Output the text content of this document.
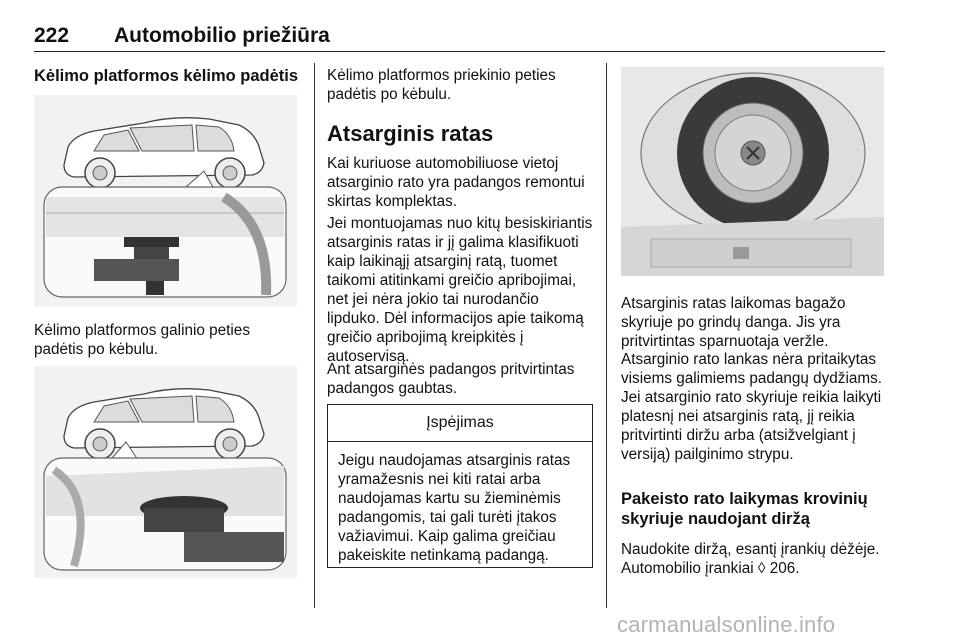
222 Automobilio priežiūra
Kėlimo platformos kėlimo padėtis
Kėlimo platformos galinio peties padėtis po kėbulu.
Kėlimo platformos priekinio peties padėtis po kėbulu.
Atsarginis ratas
Kai kuriuose automobiliuose vietoj atsarginio rato yra padangos remontui skirtas komplektas.
Jei montuojamas nuo kitų besiskiriantis atsarginis ratas ir jį galima klasifikuoti kaip laikinąjį atsarginį ratą, tuomet taikomi atitinkami greičio apribojimai, net jei nėra jokio tai nurodančio lipduko. Dėl informacijos apie taikomą greičio apribojimą kreipkitės į autoservisą.
Ant atsarginės padangos pritvirtintas padangos gaubtas.
Įspėjimas
Jeigu naudojamas atsarginis ratas yramažesnis nei kiti ratai arba naudojamas kartu su žieminėmis padangomis, tai gali turėti įtakos važiavimui. Kaip galima greičiau pakeiskite netinkamą padangą.
Atsarginis ratas laikomas bagažo skyriuje po grindų danga. Jis yra pritvirtintas sparnuotaja veržle.
Atsarginio rato lankas nėra pritaikytas visiems galimiems padangų dydžiams. Jei atsarginio rato skyriuje reikia laikyti platesnį nei atsarginis ratą, jį reikia pritvirtinti diržu arba (atsižvelgiant į versiją) pailginimo strypu.
Pakeisto rato laikymas krovinių skyriuje naudojant diržą
Naudokite diržą, esantį įrankių dėžėje. Automobilio įrankiai ◊ 206.
carmanualsonline.info
